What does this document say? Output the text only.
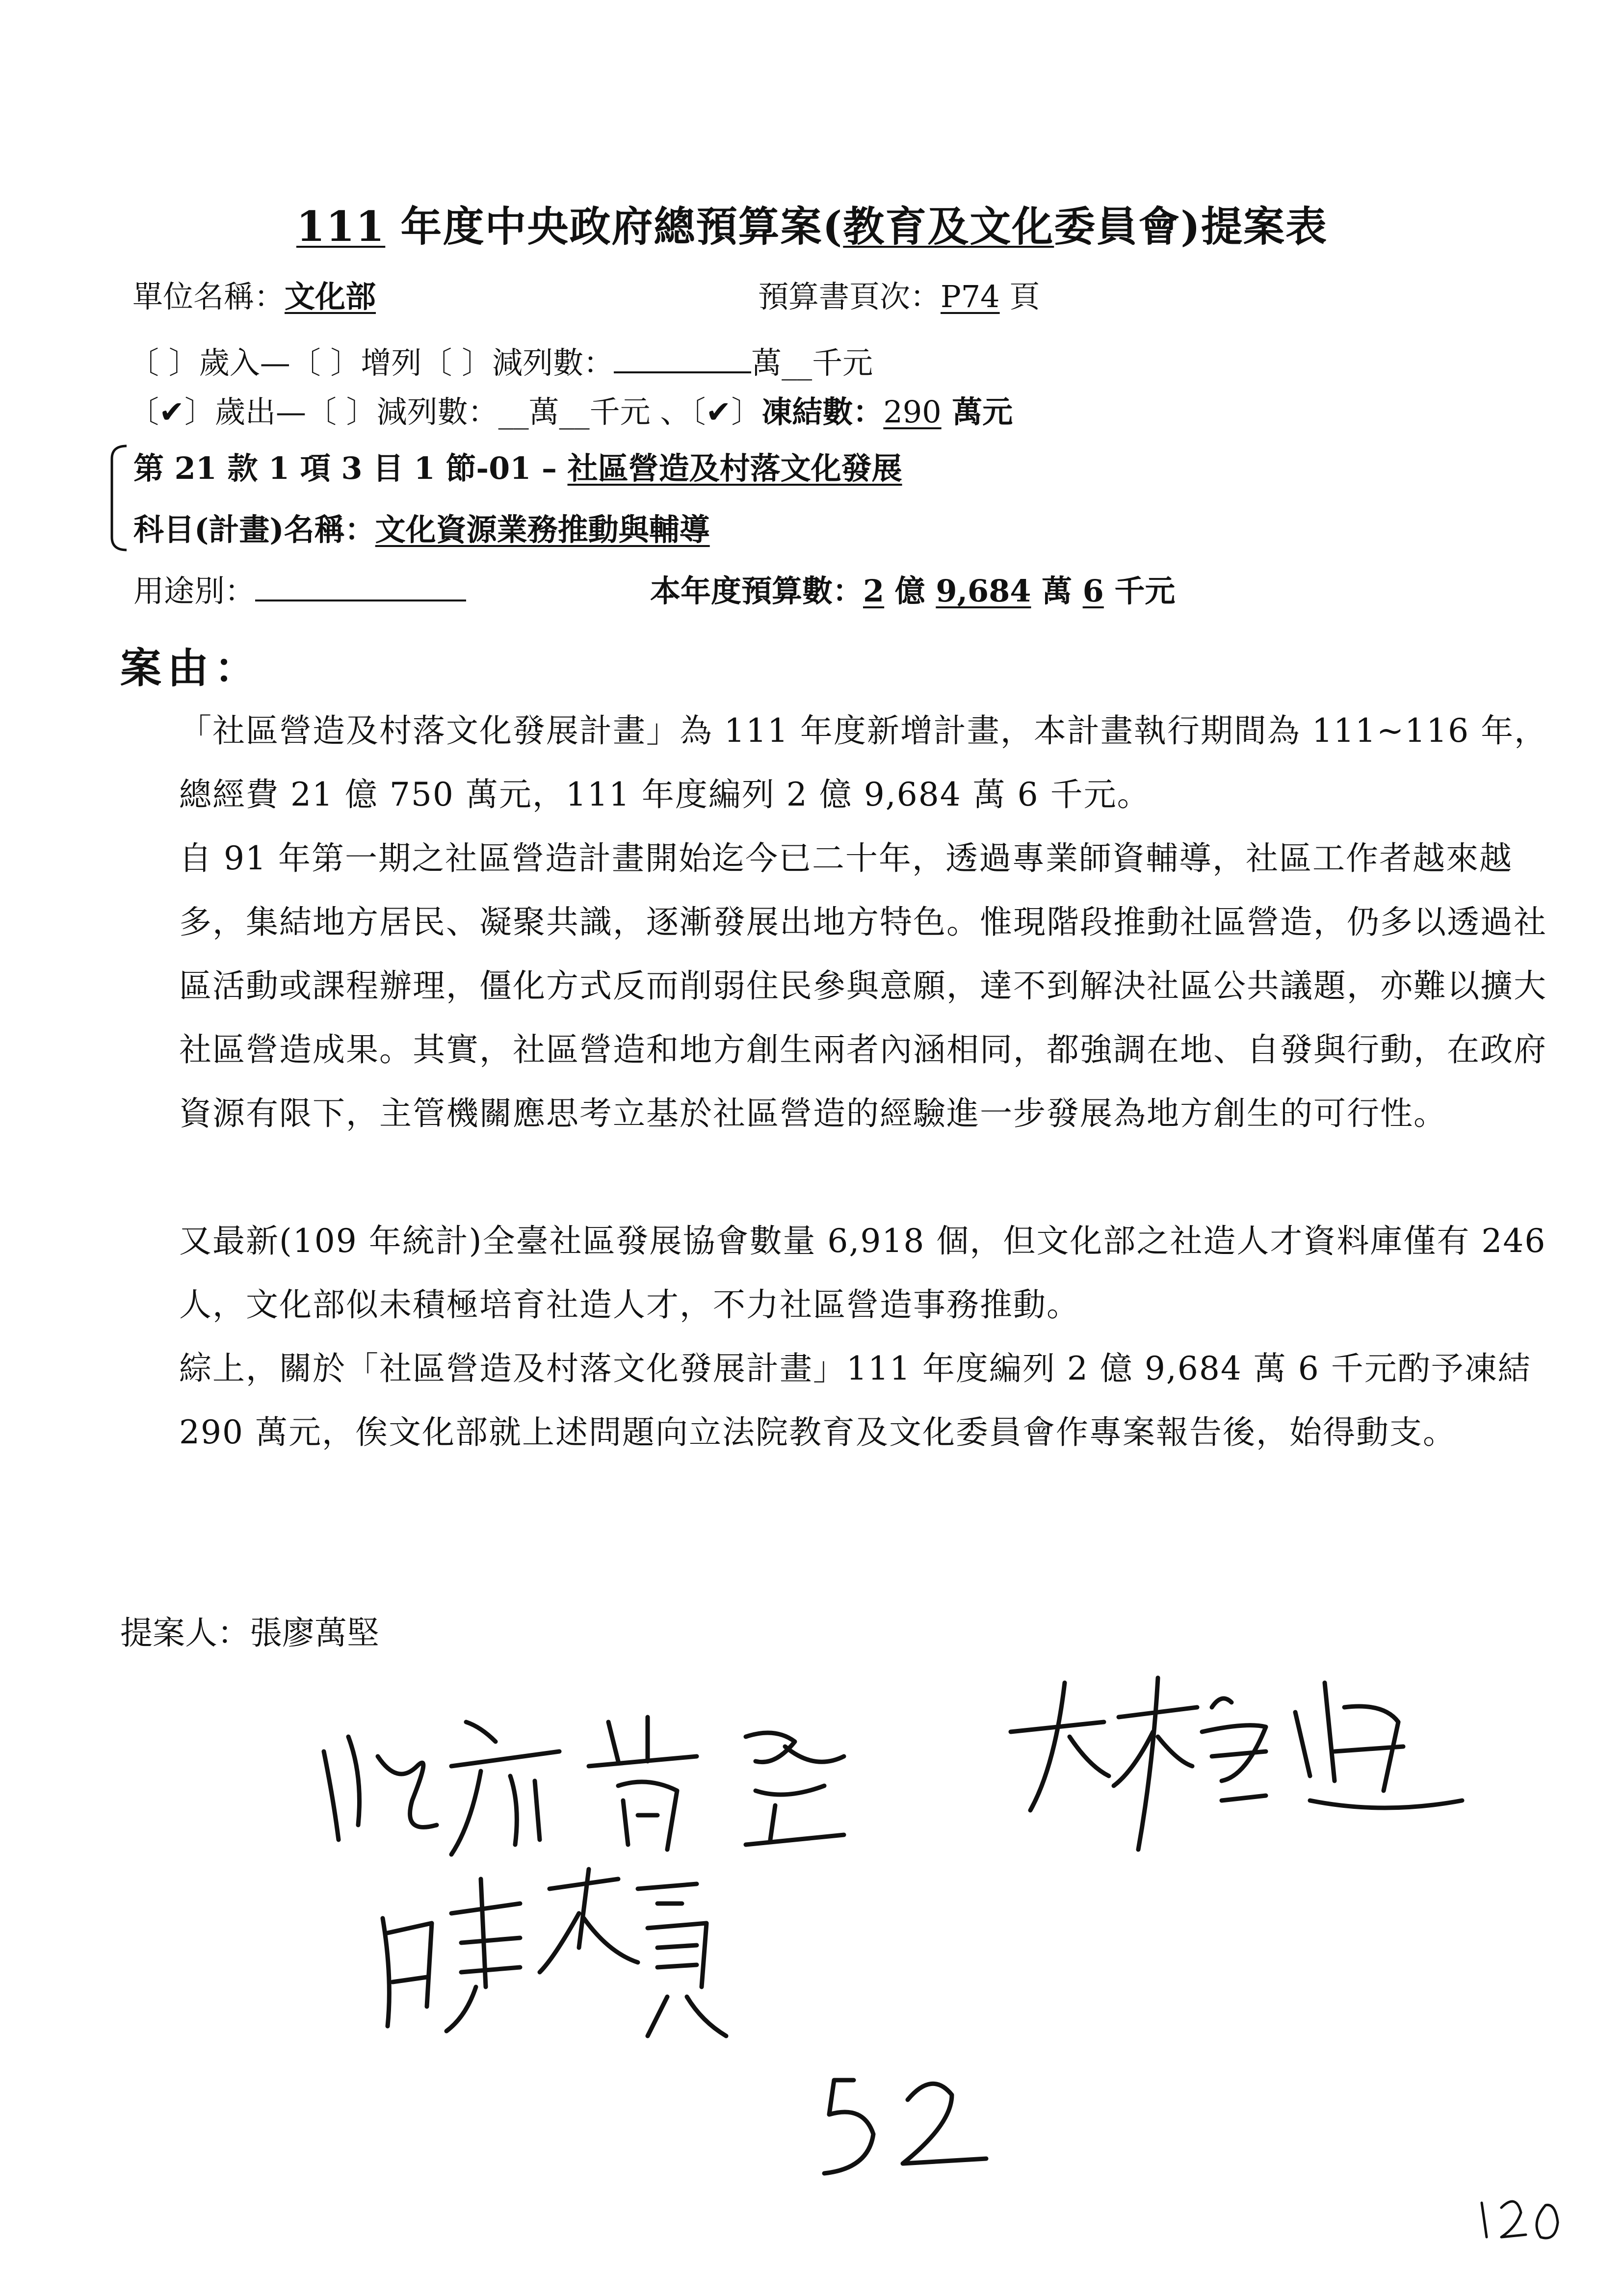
111 年度中央政府總預算案(教育及文化委員會)提案表
單位名稱：文化部	預算書頁次：P74 頁
〔 〕歲入—〔 〕增列〔 〕減列數：	萬__千元
〔✔〕歲出—〔 〕減列數：__萬__千元 、〔✔〕凍結數：290 萬元
第 21 款 1 項 3 目 1 節-01 – 社區營造及村落文化發展
科目(計畫)名稱：文化資源業務推動與輔導
用途別：	本年度預算數：2 億 9,684 萬 6 千元
案由：
「社區營造及村落文化發展計畫」為 111 年度新增計畫，本計畫執行期間為 111~116 年，總經費 21 億 750 萬元，111 年度編列 2 億 9,684 萬 6 千元。
自 91 年第一期之社區營造計畫開始迄今已二十年，透過專業師資輔導，社區工作者越來越多，集結地方居民、凝聚共識，逐漸發展出地方特色。惟現階段推動社區營造，仍多以透過社區活動或課程辦理，僵化方式反而削弱住民參與意願，達不到解決社區公共議題，亦難以擴大社區營造成果。其實，社區營造和地方創生兩者內涵相同，都強調在地、自發與行動，在政府資源有限下，主管機關應思考立基於社區營造的經驗進一步發展為地方創生的可行性。
又最新(109 年統計)全臺社區發展協會數量 6,918 個，但文化部之社造人才資料庫僅有 246 人，文化部似未積極培育社造人才，不力社區營造事務推動。
綜上，關於「社區營造及村落文化發展計畫」111 年度編列 2 億 9,684 萬 6 千元酌予凍結 290 萬元，俟文化部就上述問題向立法院教育及文化委員會作專案報告後，始得動支。
提案人：張廖萬堅
